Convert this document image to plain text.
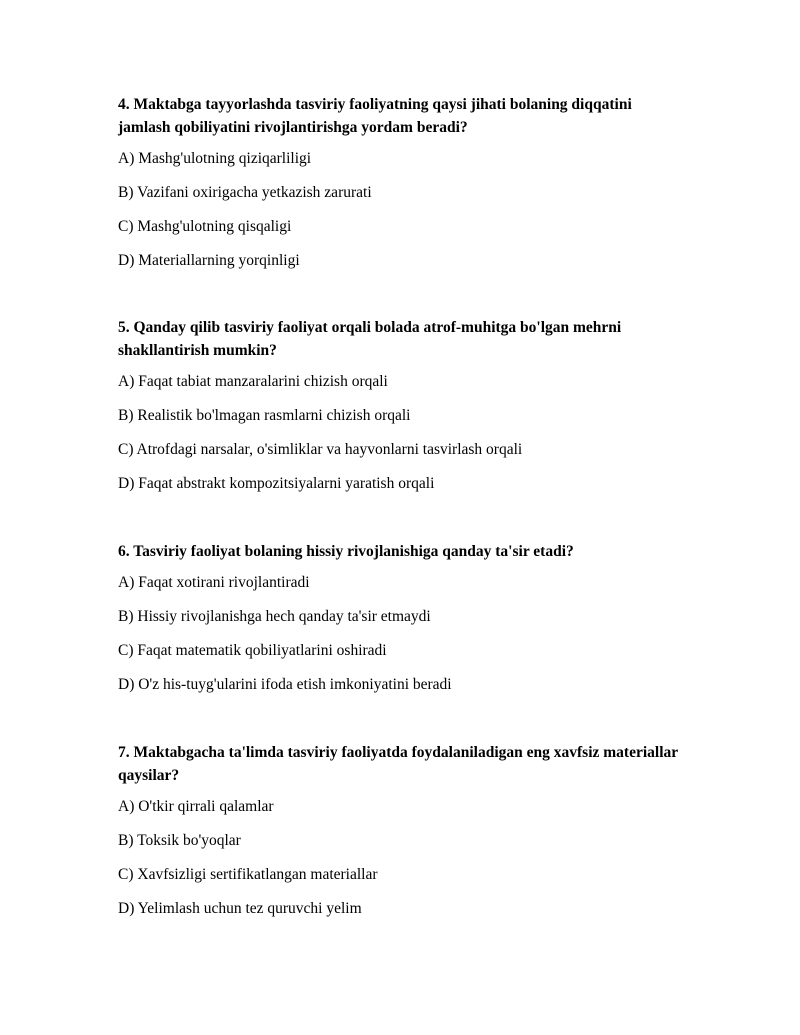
4. Maktabga tayyorlashda tasviriy faoliyatning qaysi jihati bolaning diqqatini jamlash qobiliyatini rivojlantirishga yordam beradi?

A) Mashg'ulotning qiziqarliligi

B) Vazifani oxirigacha yetkazish zarurati

C) Mashg'ulotning qisqaligi

D) Materiallarning yorqinligi

5. Qanday qilib tasviriy faoliyat orqali bolada atrof-muhitga bo'lgan mehrni shakllantirish mumkin?

A) Faqat tabiat manzaralarini chizish orqali

B) Realistik bo'lmagan rasmlarni chizish orqali

C) Atrofdagi narsalar, o'simliklar va hayvonlarni tasvirlash orqali

D) Faqat abstrakt kompozitsiyalarni yaratish orqali

6. Tasviriy faoliyat bolaning hissiy rivojlanishiga qanday ta'sir etadi?

A) Faqat xotirani rivojlantiradi

B) Hissiy rivojlanishga hech qanday ta'sir etmaydi

C) Faqat matematik qobiliyatlarini oshiradi

D) O'z his-tuyg'ularini ifoda etish imkoniyatini beradi

7. Maktabgacha ta'limda tasviriy faoliyatda foydalaniladigan eng xavfsiz materiallar qaysilar?

A) O'tkir qirrali qalamlar

B) Toksik bo'yoqlar

C) Xavfsizligi sertifikatlangan materiallar

D) Yelimlash uchun tez quruvchi yelim
